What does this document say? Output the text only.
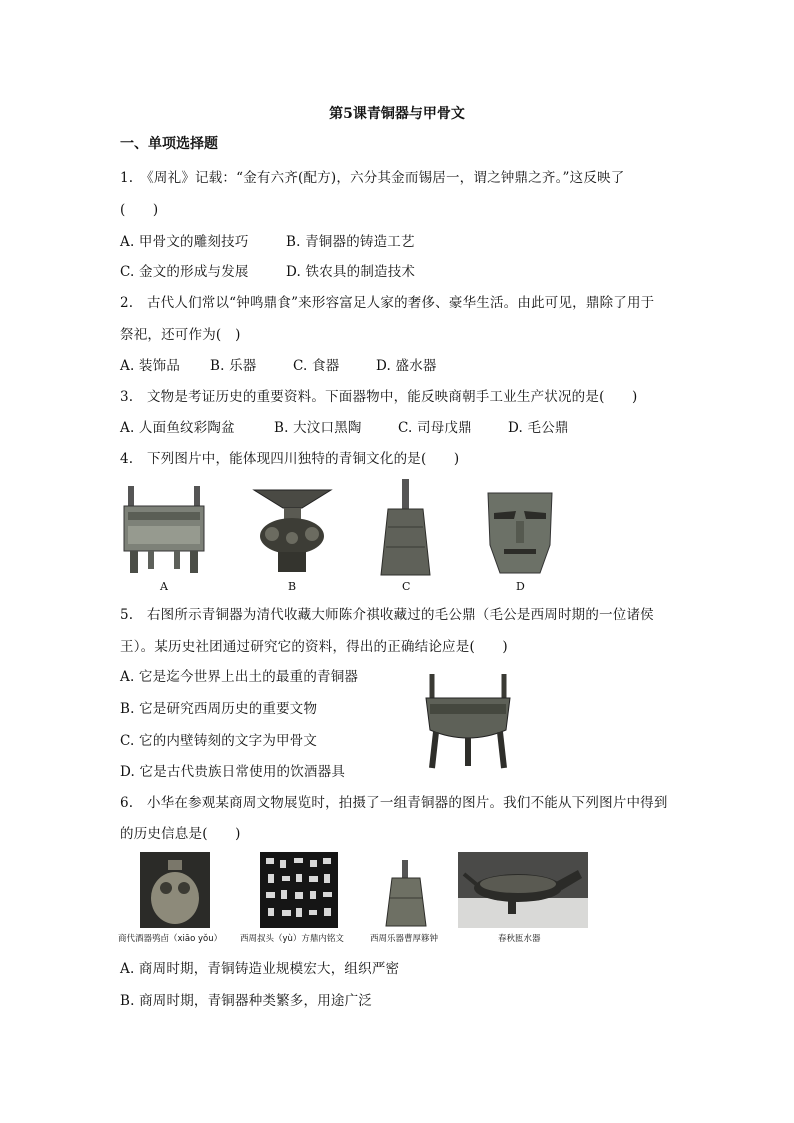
第5课青铜器与甲骨文
一、单项选择题
1.　《周礼》记载：“金有六齐(配方)，六分其金而锡居一，谓之钟鼎之齐。”这反映了
(　　)
A. 甲骨文的雕刻技巧	B. 青铜器的铸造工艺
C. 金文的形成与发展	D. 铁农具的制造技术
2.　古代人们常以“钟鸣鼎食”来形容富足人家的奢侈、豪华生活。由此可见，鼎除了用于
祭祀，还可作为(　)
A. 装饰品 B. 乐器	C. 食器	D. 盛水器
3.　文物是考证历史的重要资料。下面器物中，能反映商朝手工业生产状况的是(　　)
A. 人面鱼纹彩陶盆	B. 大汶口黑陶	C. 司母戊鼎	D. 毛公鼎
4.　下列图片中，能体现四川独特的青铜文化的是(　　)
A	B	C	D
5.　右图所示青铜器为清代收藏大师陈介祺收藏过的毛公鼎（毛公是西周时期的一位诸侯
王）。某历史社团通过研究它的资料，得出的正确结论应是(　　)
A. 它是迄今世界上出土的最重的青铜器
B. 它是研究西周历史的重要文物
C. 它的内壁铸刻的文字为甲骨文
D. 它是古代贵族日常使用的饮酒器具
6.　小华在参观某商周文物展览时，拍摄了一组青铜器的图片。我们不能从下列图片中得到
的历史信息是(　　)
商代酒器鸮卣（xiāo yǒu） 西周叔头（yù）方鼎内铭文	西周乐器曹厚簃钟	春秋匜水器
A. 商周时期，青铜铸造业规模宏大，组织严密
B. 商周时期，青铜器种类繁多，用途广泛
